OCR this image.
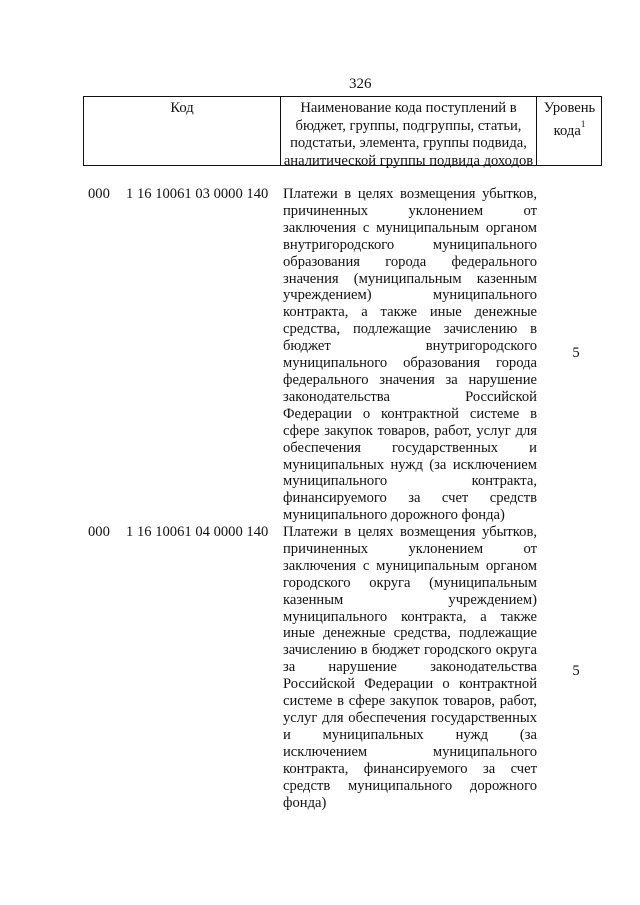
326
Код	Наименование кода поступлений в бюджет, группы, подгруппы, статьи, подстатьи, элемента, группы подвида, аналитической группы подвида доходов
Уровень кода$^1$
000 1 16 10061 03 0000 140 Платежи в целях возмещения убытков, причиненных уклонением от заключения с муниципальным органом внутригородского муниципального образования города федерального значения (муниципальным казенным учреждением) муниципального контракта, а также иные денежные средства, подлежащие зачислению в бюджет внутригородского муниципального образования города федерального значения за нарушение законодательства Российской Федерации о контрактной системе в сфере закупок товаров, работ, услуг для обеспечения государственных и муниципальных нужд (за исключением муниципального контракта, финансируемого за счет средств муниципального дорожного фонда)
5
000 1 16 10061 04 0000 140 Платежи в целях возмещения убытков, причиненных уклонением от заключения с муниципальным органом городского округа (муниципальным казенным учреждением) муниципального контракта, а также иные денежные средства, подлежащие зачислению в бюджет городского округа за нарушение законодательства Российской Федерации о контрактной системе в сфере закупок товаров, работ, услуг для обеспечения государственных и муниципальных нужд (за исключением муниципального контракта, финансируемого за счет средств муниципального дорожного фонда)
5
